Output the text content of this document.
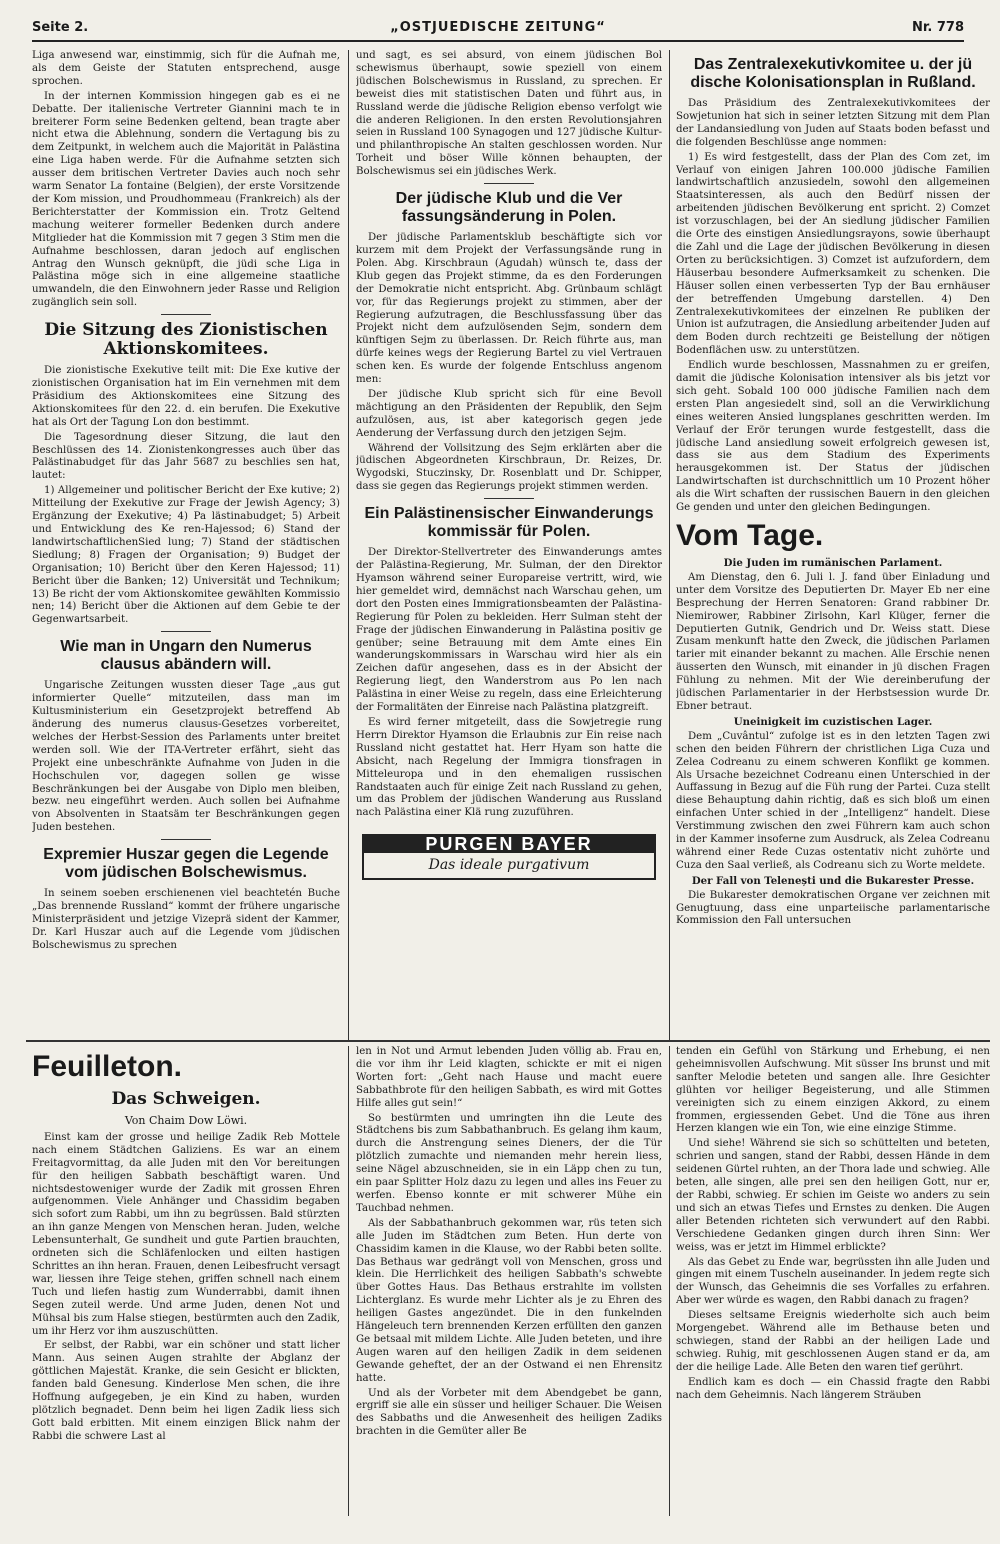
Seite 2.	„OSTJUEDISCHE ZEITUNG“	Nr. 778

Liga anwesend war, einstimmig, sich für die Aufnah me, als dem Geiste der Statuten entsprechend, ausge sprochen.

In der internen Kommission hingegen gab es ei ne Debatte. Der italienische Vertreter Giannini mach te in breiterer Form seine Bedenken geltend, bean tragte aber nicht etwa die Ablehnung, sondern die Vertagung bis zu dem Zeitpunkt, in welchem auch die Majorität in Palästina eine Liga haben werde. Für die Aufnahme setzten sich ausser dem britischen Vertreter Davies auch noch sehr warm Senator La fontaine (Belgien), der erste Vorsitzende der Kom mission, und Proudhommeau (Frankreich) als der Berichterstatter der Kommission ein. Trotz Geltend machung weiterer formeller Bedenken durch andere Mitglieder hat die Kommission mit 7 gegen 3 Stim men die Aufnahme beschlossen, daran jedoch auf englischen Antrag den Wunsch geknüpft, die jüdi sche Liga in Palästina möge sich in eine allgemeine staatliche umwandeln, die den Einwohnern jeder Rasse und Religion zugänglich sein soll.

Die Sitzung des Zionistischen Aktionskomitees.

Die zionistische Exekutive teilt mit: Die Exe kutive der zionistischen Organisation hat im Ein vernehmen mit dem Präsidium des Aktionskomitees eine Sitzung des Aktionskomitees für den 22. d. ein berufen. Die Exekutive hat als Ort der Tagung Lon don bestimmt.

Die Tagesordnung dieser Sitzung, die laut den Beschlüssen des 14. Zionistenkongresses auch über das Palästinabudget für das Jahr 5687 zu beschlies sen hat, lautet:

1) Allgemeiner und politischer Bericht der Exe kutive; 2) Mitteilung der Exekutive zur Frage der Jewish Agency; 3) Ergänzung der Exekutive; 4) Pa lästinabudget; 5) Arbeit und Entwicklung des Ke ren-Hajessod; 6) Stand der landwirtschaftlichenSied lung; 7) Stand der städtischen Siedlung; 8) Fragen der Organisation; 9) Budget der Organisation; 10) Bericht über den Keren Hajessod; 11) Bericht über die Banken; 12) Universität und Technikum; 13) Be richt der vom Aktionskomitee gewählten Kommissio nen; 14) Bericht über die Aktionen auf dem Gebie te der Gegenwartsarbeit.

Wie man in Ungarn den Numerus clausus abändern will.

Ungarische Zeitungen wussten dieser Tage „aus gut informierter Quelle“ mitzuteilen, dass man im Kultusministerium ein Gesetzprojekt betreffend Ab änderung des numerus clausus-Gesetzes vorbereitet, welches der Herbst-Session des Parlaments unter breitet werden soll. Wie der ITA-Vertreter erfährt, sieht das Projekt eine unbeschränkte Aufnahme von Juden in die Hochschulen vor, dagegen sollen ge wisse Beschränkungen bei der Ausgabe von Diplo men bleiben, bezw. neu eingeführt werden. Auch sollen bei Aufnahme von Absolventen in Staatsäm ter Beschränkungen gegen Juden bestehen.

Expremier Huszar gegen die Legende vom jüdischen Bolschewismus.

In seinem soeben erschienenen viel beachtetén Buche „Das brennende Russland“ kommt der frühere ungarische Ministerpräsident und jetzige Vizeprä sident der Kammer, Dr. Karl Huszar auch auf die Legende vom jüdischen Bolschewismus zu sprechen

und sagt, es sei absurd, von einem jüdischen Bol schewismus überhaupt, sowie speziell von einem jüdischen Bolschewismus in Russland, zu sprechen. Er beweist dies mit statistischen Daten und führt aus, in Russland werde die jüdische Religion ebenso verfolgt wie die anderen Religionen. In den ersten Revolutionsjahren seien in Russland 100 Synagogen und 127 jüdische Kultur- und philanthropische An stalten geschlossen worden. Nur Torheit und böser Wille können behaupten, der Bolschewismus sei ein jüdisches Werk.

Der jüdische Klub und die Ver fassungsänderung in Polen.

Der jüdische Parlamentsklub beschäftigte sich vor kurzem mit dem Projekt der Verfassungsände rung in Polen. Abg. Kirschbraun (Agudah) wünsch te, dass der Klub gegen das Projekt stimme, da es den Forderungen der Demokratie nicht entspricht. Abg. Grünbaum schlägt vor, für das Regierungs projekt zu stimmen, aber der Regierung aufzutragen, die Beschlussfassung über das Projekt nicht dem aufzulösenden Sejm, sondern dem künftigen Sejm zu überlassen. Dr. Reich führte aus, man dürfe keines wegs der Regierung Bartel zu viel Vertrauen schen ken. Es wurde der folgende Entschluss angenom men:

Der jüdische Klub spricht sich für eine Bevoll mächtigung an den Präsidenten der Republik, den Sejm aufzulösen, aus, ist aber kategorisch gegen jede Aenderung der Verfassung durch den jetzigen Sejm.

Während der Vollsitzung des Sejm erklärten aber die jüdischen Abgeordneten Kirschbraun, Dr. Reizes, Dr. Wygodski, Stuczinsky, Dr. Rosenblatt und Dr. Schipper, dass sie gegen das Regierungs projekt stimmen werden.

Ein Palästinensischer Einwanderungs kommissär für Polen.

Der Direktor-Stellvertreter des Einwanderungs amtes der Palästina-Regierung, Mr. Sulman, der den Direktor Hyamson während seiner Europareise vertritt, wird, wie hier gemeldet wird, demnächst nach Warschau gehen, um dort den Posten eines Immigrationsbeamten der Palästina-Regierung für Polen zu bekleiden. Herr Sulman steht der Frage der jüdischen Einwanderung in Palästina positiv ge genüber; seine Betrauung mit dem Amte eines Ein wanderungskommissars in Warschau wird hier als ein Zeichen dafür angesehen, dass es in der Absicht der Regierung liegt, den Wanderstrom aus Po len nach Palästina in einer Weise zu regeln, dass eine Erleichterung der Formalitäten der Einreise nach Palästina platzgreift.

Es wird ferner mitgeteilt, dass die Sowjetregie rung Herrn Direktor Hyamson die Erlaubnis zur Ein reise nach Russland nicht gestattet hat. Herr Hyam son hatte die Absicht, nach Regelung der Immigra tionsfragen in Mitteleuropa und in den ehemaligen russischen Randstaaten auch für einige Zeit nach Russland zu gehen, um das Problem der jüdischen Wanderung aus Russland nach Palästina einer Klä rung zuzuführen.

PURGEN BAYER
Das ideale purgativum
Das Zentralexekutivkomitee u. der jü dische Kolonisationsplan in Rußland.

Das Präsidium des Zentralexekutivkomitees der Sowjetunion hat sich in seiner letzten Sitzung mit dem Plan der Landansiedlung von Juden auf Staats boden befasst und die folgenden Beschlüsse ange nommen:

1) Es wird festgestellt, dass der Plan des Com zet, im Verlauf von einigen Jahren 100.000 jüdische Familien landwirtschaftlich anzusiedeln, sowohl den allgemeinen Staatsinteressen, als auch den Bedürf nissen der arbeitenden jüdischen Bevölkerung ent spricht. 2) Comzet ist vorzuschlagen, bei der An siedlung jüdischer Familien die Orte des einstigen Ansiedlungsrayons, sowie überhaupt die Zahl und die Lage der jüdischen Bevölkerung in diesen Orten zu berücksichtigen. 3) Comzet ist aufzufordern, dem Häuserbau besondere Aufmerksamkeit zu schenken. Die Häuser sollen einen verbesserten Typ der Bau ernhäuser der betreffenden Umgebung darstellen. 4) Den Zentralexekutivkomitees der einzelnen Re publiken der Union ist aufzutragen, die Ansiedlung arbeitender Juden auf dem Boden durch rechtzeiti ge Beistellung der nötigen Bodenflächen usw. zu unterstützen.

Endlich wurde beschlossen, Massnahmen zu er greifen, damit die jüdische Kolonisation intensiver als bis jetzt vor sich geht. Sobald 100 000 jüdische Familien nach dem ersten Plan angesiedelt sind, soll an die Verwirklichung eines weiteren Ansied lungsplanes geschritten werden. Im Verlauf der Erör terungen wurde festgestellt, dass die jüdische Land ansiedlung soweit erfolgreich gewesen ist, dass sie aus dem Stadium des Experiments herausgekommen ist. Der Status der jüdischen Landwirtschaften ist durchschnittlich um 10 Prozent höher als die Wirt schaften der russischen Bauern in den gleichen Ge genden und unter den gleichen Bedingungen.

Vom Tage.
Die Juden im rumänischen Parlament.

Am Dienstag, den 6. Juli l. J. fand über Einladung und unter dem Vorsitze des Deputierten Dr. Mayer Eb ner eine Besprechung der Herren Senatoren: Grand rabbiner Dr. Niemirower, Rabbiner Zirlsohn, Karl Klüger, ferner die Deputierten Gutnik, Gendrich und Dr. Weiss statt. Diese Zusam menkunft hatte den Zweck, die jüdischen Parlamen tarier mit einander bekannt zu machen. Alle Erschie nenen äusserten den Wunsch, mit einander in jü dischen Fragen Fühlung zu nehmen. Mit der Wie dereinberufung der jüdischen Parlamentarier in der Herbstsession wurde Dr. Ebner betraut.

Uneinigkeit im cuzistischen Lager.

Dem „Cuvântul“ zufolge ist es in den letzten Tagen zwi schen den beiden Führern der christlichen Liga Cuza und Zelea Codreanu zu einem schweren Konflikt ge kommen. Als Ursache bezeichnet Codreanu einen Unterschied in der Auffassung in Bezug auf die Füh rung der Partei. Cuza stellt diese Behauptung dahin richtig, daß es sich bloß um einen einfachen Unter schied in der „Intelligenz“ handelt. Diese Verstimmung zwischen den zwei Führern kam auch schon in der Kammer insoferne zum Ausdruck, als Zelea Codreanu während einer Rede Cuzas ostentativ nicht zuhörte und Cuza den Saal verließ, als Codreanu sich zu Worte meldete.

Der Fall von Telenești und die Bukarester Presse.

Die Bukarester demokratischen Organe ver zeichnen mit Genugtuung, dass eine unparteiische parlamentarische Kommission den Fall untersuchen

Feuilleton.
Das Schweigen.
Von Chaim Dow Löwi.

Einst kam der grosse und heilige Zadik Reb Mottele nach einem Städtchen Galiziens. Es war an einem Freitagvormittag, da alle Juden mit den Vor bereitungen für den heiligen Sabbath beschäftigt waren. Und nichtsdestoweniger wurde der Zadik mit grossen Ehren aufgenommen. Viele Anhänger und Chassidim begaben sich sofort zum Rabbi, um ihn zu begrüssen. Bald stürzten an ihn ganze Mengen von Menschen heran. Juden, welche Lebensunterhalt, Ge sundheit und gute Partien brauchten, ordneten sich die Schläfenlocken und eilten hastigen Schrittes an ihn heran. Frauen, denen Leibesfrucht versagt war, liessen ihre Teige stehen, griffen schnell nach einem Tuch und liefen hastig zum Wunderrabbi, damit ihnen Segen zuteil werde. Und arme Juden, denen Not und Mühsal bis zum Halse stiegen, bestürmten auch den Zadik, um ihr Herz vor ihm auszuschütten.

Er selbst, der Rabbi, war ein schöner und statt licher Mann. Aus seinen Augen strahlte der Abglanz der göttlichen Majestät. Kranke, die sein Gesicht er blickten, fanden bald Genesung. Kinderlose Men schen, die ihre Hoffnung aufgegeben, je ein Kind zu haben, wurden plötzlich begnadet. Denn beim hei ligen Zadik liess sich Gott bald erbitten. Mit einem einzigen Blick nahm der Rabbi die schwere Last al

len in Not und Armut lebenden Juden völlig ab. Frau en, die vor ihm ihr Leid klagten, schickte er mit ei nigen Worten fort: „Geht nach Hause und macht euere Sabbathbrote für den heiligen Sabbath, es wird mit Gottes Hilfe alles gut sein!“

So bestürmten und umringten ihn die Leute des Städtchens bis zum Sabbathanbruch. Es gelang ihm kaum, durch die Anstrengung seines Dieners, der die Tür plötzlich zumachte und niemanden mehr herein liess, seine Nägel abzuschneiden, sie in ein Läpp chen zu tun, ein paar Splitter Holz dazu zu legen und alles ins Feuer zu werfen. Ebenso konnte er mit schwerer Mühe ein Tauchbad nehmen.

Als der Sabbathanbruch gekommen war, rüs teten sich alle Juden im Städtchen zum Beten. Hun derte von Chassidim kamen in die Klause, wo der Rabbi beten sollte. Das Bethaus war gedrängt voll von Menschen, gross und klein. Die Herrlichkeit des heiligen Sabbath's schwebte über Gottes Haus. Das Bethaus erstrahlte im vollsten Lichterglanz. Es wurde mehr Lichter als je zu Ehren des heiligen Gastes angezündet. Die in den funkelnden Hängeleuch tern brennenden Kerzen erfüllten den ganzen Ge betsaal mit mildem Lichte. Alle Juden beteten, und ihre Augen waren auf den heiligen Zadik in dem seidenen Gewande geheftet, der an der Ostwand ei nen Ehrensitz hatte.

Und als der Vorbeter mit dem Abendgebet be gann, ergriff sie alle ein süsser und heiliger Schauer. Die Weisen des Sabbaths und die Anwesenheit des heiligen Zadiks brachten in die Gemüter aller Be

tenden ein Gefühl von Stärkung und Erhebung, ei nen geheimnisvollen Aufschwung. Mit süsser Ins brunst und mit sanfter Melodie beteten und sangen alle. Ihre Gesichter glühten vor heiliger Begeisterung, und alle Stimmen vereinigten sich zu einem einzigen Akkord, zu einem frommen, ergiessenden Gebet. Und die Töne aus ihren Herzen klangen wie ein Ton, wie eine einzige Stimme.

Und siehe! Während sie sich so schüttelten und beteten, schrien und sangen, stand der Rabbi, dessen Hände in dem seidenen Gürtel ruhten, an der Thora lade und schwieg. Alle beten, alle singen, alle prei sen den heiligen Gott, nur er, der Rabbi, schwieg. Er schien im Geiste wo anders zu sein und sich an etwas Tiefes und Ernstes zu denken. Die Augen aller Betenden richteten sich verwundert auf den Rabbi. Verschiedene Gedanken gingen durch ihren Sinn: Wer weiss, was er jetzt im Himmel erblickte?

Als das Gebet zu Ende war, begrüssten ihn alle Juden und gingen mit einem Tuscheln auseinander. In jedem regte sich der Wunsch, das Geheimnis die ses Vorfalles zu erfahren. Aber wer würde es wagen, den Rabbi danach zu fragen?

Dieses seltsame Ereignis wiederholte sich auch beim Morgengebet. Während alle im Bethause beten und schwiegen, stand der Rabbi an der heiligen Lade und schwieg. Ruhig, mit geschlossenen Augen stand er da, am der die heilige Lade. Alle Beten den waren tief gerührt.

Endlich kam es doch — ein Chassid fragte den Rabbi nach dem Geheimnis. Nach längerem Sträuben
